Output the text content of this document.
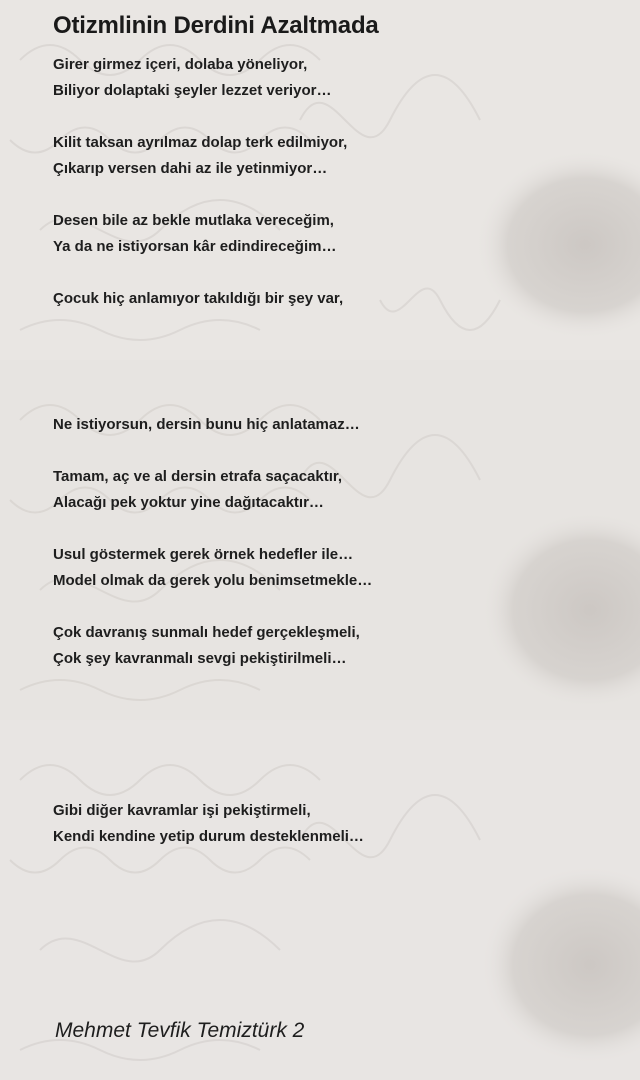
Otizmlinin Derdini Azaltmada
Girer girmez içeri, dolaba yöneliyor,
Biliyor dolaptaki şeyler lezzet veriyor…
Kilit taksan ayrılmaz dolap terk edilmiyor,
Çıkarıp versen dahi az ile yetinmiyor…
Desen bile az bekle mutlaka vereceğim,
Ya da ne istiyorsan kâr edindireceğim…
Çocuk hiç anlamıyor takıldığı bir şey var,
Ne istiyorsun, dersin bunu hiç anlatamaz…
Tamam, aç ve al dersin etrafa saçacaktır,
Alacağı pek yoktur yine dağıtacaktır…
Usul göstermek gerek örnek hedefler ile…
Model olmak da gerek yolu benimsetmekle…
Çok davranış sunmalı hedef gerçekleşmeli,
Çok şey kavranmalı sevgi pekiştirilmeli…
Gibi diğer kavramlar işi pekiştirmeli,
Kendi kendine yetip durum desteklenmeli…
Mehmet Tevfik Temiztürk 2
